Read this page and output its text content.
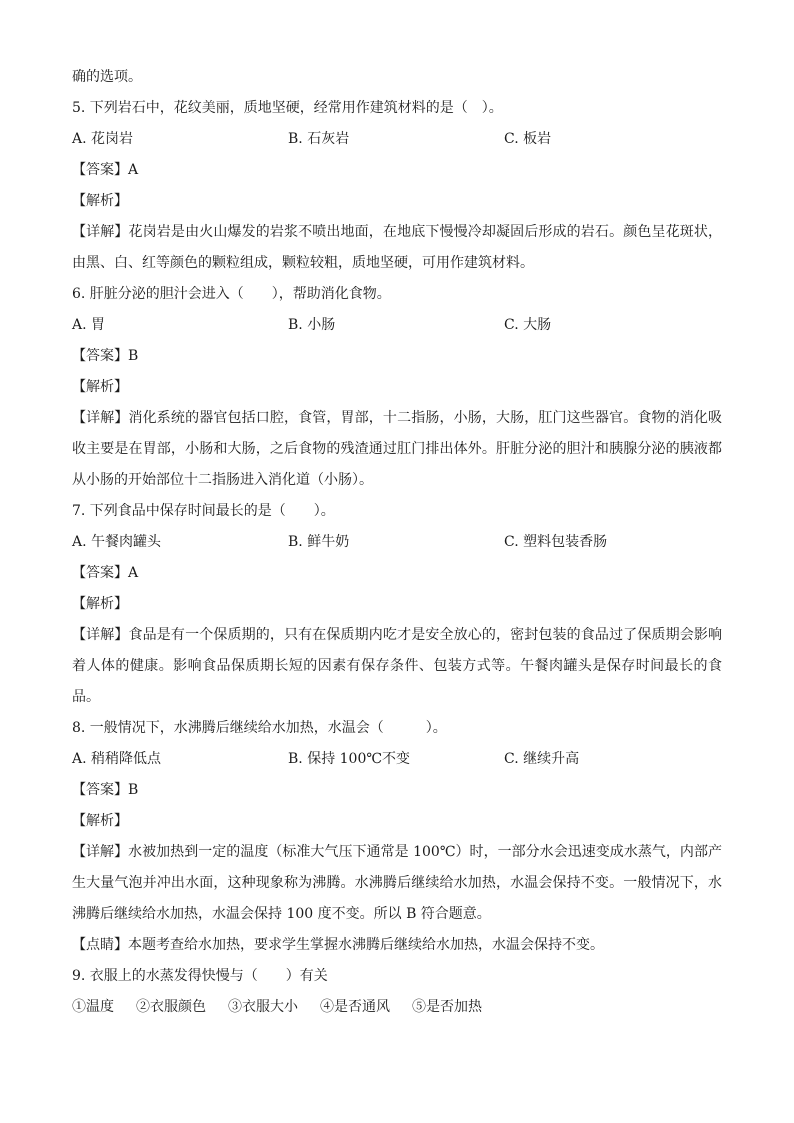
确的选项。
5. 下列岩石中，花纹美丽，质地坚硬，经常用作建筑材料的是（　）。
A. 花岗岩	B. 石灰岩	C. 板岩
【答案】A
【解析】
【详解】花岗岩是由火山爆发的岩浆不喷出地面，在地底下慢慢冷却凝固后形成的岩石。颜色呈花斑状，由黑、白、红等颜色的颗粒组成，颗粒较粗，质地坚硬，可用作建筑材料。
6. 肝脏分泌的胆汁会进入（　　），帮助消化食物。
A. 胃	B. 小肠	C. 大肠
【答案】B
【解析】
【详解】消化系统的器官包括口腔，食管，胃部，十二指肠，小肠，大肠，肛门这些器官。食物的消化吸收主要是在胃部，小肠和大肠，之后食物的残渣通过肛门排出体外。肝脏分泌的胆汁和胰腺分泌的胰液都从小肠的开始部位十二指肠进入消化道（小肠）。
7. 下列食品中保存时间最长的是（　　）。
A. 午餐肉罐头	B. 鲜牛奶	C. 塑料包装香肠
【答案】A
【解析】
【详解】食品是有一个保质期的，只有在保质期内吃才是安全放心的，密封包装的食品过了保质期会影响着人体的健康。影响食品保质期长短的因素有保存条件、包装方式等。午餐肉罐头是保存时间最长的食品。
8. 一般情况下，水沸腾后继续给水加热，水温会（　　　）。
A. 稍稍降低点	B. 保持 100℃不变	C. 继续升高
【答案】B
【解析】
【详解】水被加热到一定的温度（标准大气压下通常是 100℃）时，一部分水会迅速变成水蒸气，内部产生大量气泡并冲出水面，这种现象称为沸腾。水沸腾后继续给水加热，水温会保持不变。一般情况下，水沸腾后继续给水加热，水温会保持 100 度不变。所以 B 符合题意。
【点睛】本题考查给水加热，要求学生掌握水沸腾后继续给水加热，水温会保持不变。
9. 衣服上的水蒸发得快慢与（　　）有关
①温度 ②衣服颜色 ③衣服大小 ④是否通风 ⑤是否加热
